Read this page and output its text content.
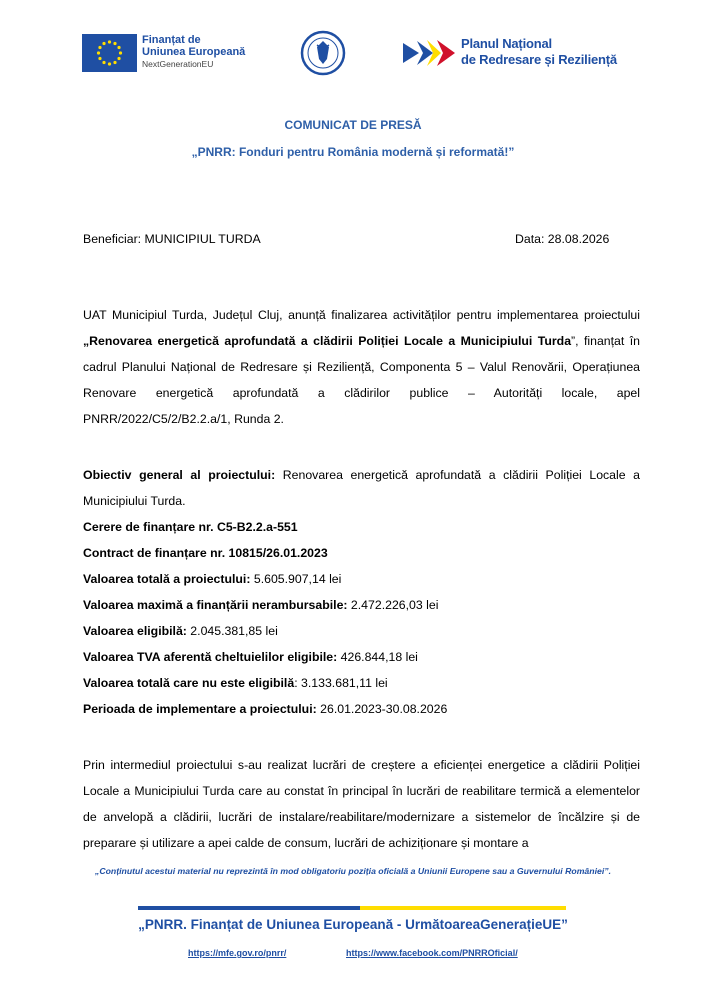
Finanțat de
Uniunea Europeană
NextGenerationEU
Planul Național
de Redresare și Reziliență
COMUNICAT DE PRESĂ
„PNRR: Fonduri pentru România modernă și reformată!”
Beneficiar: MUNICIPIUL TURDA	Data: 28.08.2026
UAT Municipiul Turda, Județul Cluj, anunță finalizarea activităților pentru implementarea proiectului „Renovarea energetică aprofundată a clădirii Poliției Locale a Municipiului Turda”, finanțat în cadrul Planului Național de Redresare și Reziliență, Componenta 5 – Valul Renovării, Operațiunea Renovare energetică aprofundată a clădirilor publice – Autorități locale, apel PNRR/2022/C5/2/B2.2.a/1, Runda 2.
Obiectiv general al proiectului: Renovarea energetică aprofundată a clădirii Poliției Locale a Municipiului Turda.
Cerere de finanțare nr. C5-B2.2.a-551
Contract de finanțare nr. 10815/26.01.2023
Valoarea totală a proiectului: 5.605.907,14 lei
Valoarea maximă a finanțării nerambursabile: 2.472.226,03 lei
Valoarea eligibilă: 2.045.381,85 lei
Valoarea TVA aferentă cheltuielilor eligibile: 426.844,18 lei
Valoarea totală care nu este eligibilă: 3.133.681,11 lei
Perioada de implementare a proiectului: 26.01.2023-30.08.2026
Prin intermediul proiectului s-au realizat lucrări de creștere a eficienței energetice a clădirii Poliției Locale a Municipiului Turda care au constat în principal în lucrări de reabilitare termică a elementelor de anvelopă a clădirii, lucrări de instalare/reabilitare/modernizare a sistemelor de încălzire și de preparare și utilizare a apei calde de consum, lucrări de achiziționare și montare a
„Conținutul acestui material nu reprezintă în mod obligatoriu poziția oficială a Uniunii Europene sau a Guvernului României”.
„PNRR. Finanțat de Uniunea Europeană - UrmătoareaGenerațieUE”
https://mfe.gov.ro/pnrr/	https://www.facebook.com/PNRROficial/
